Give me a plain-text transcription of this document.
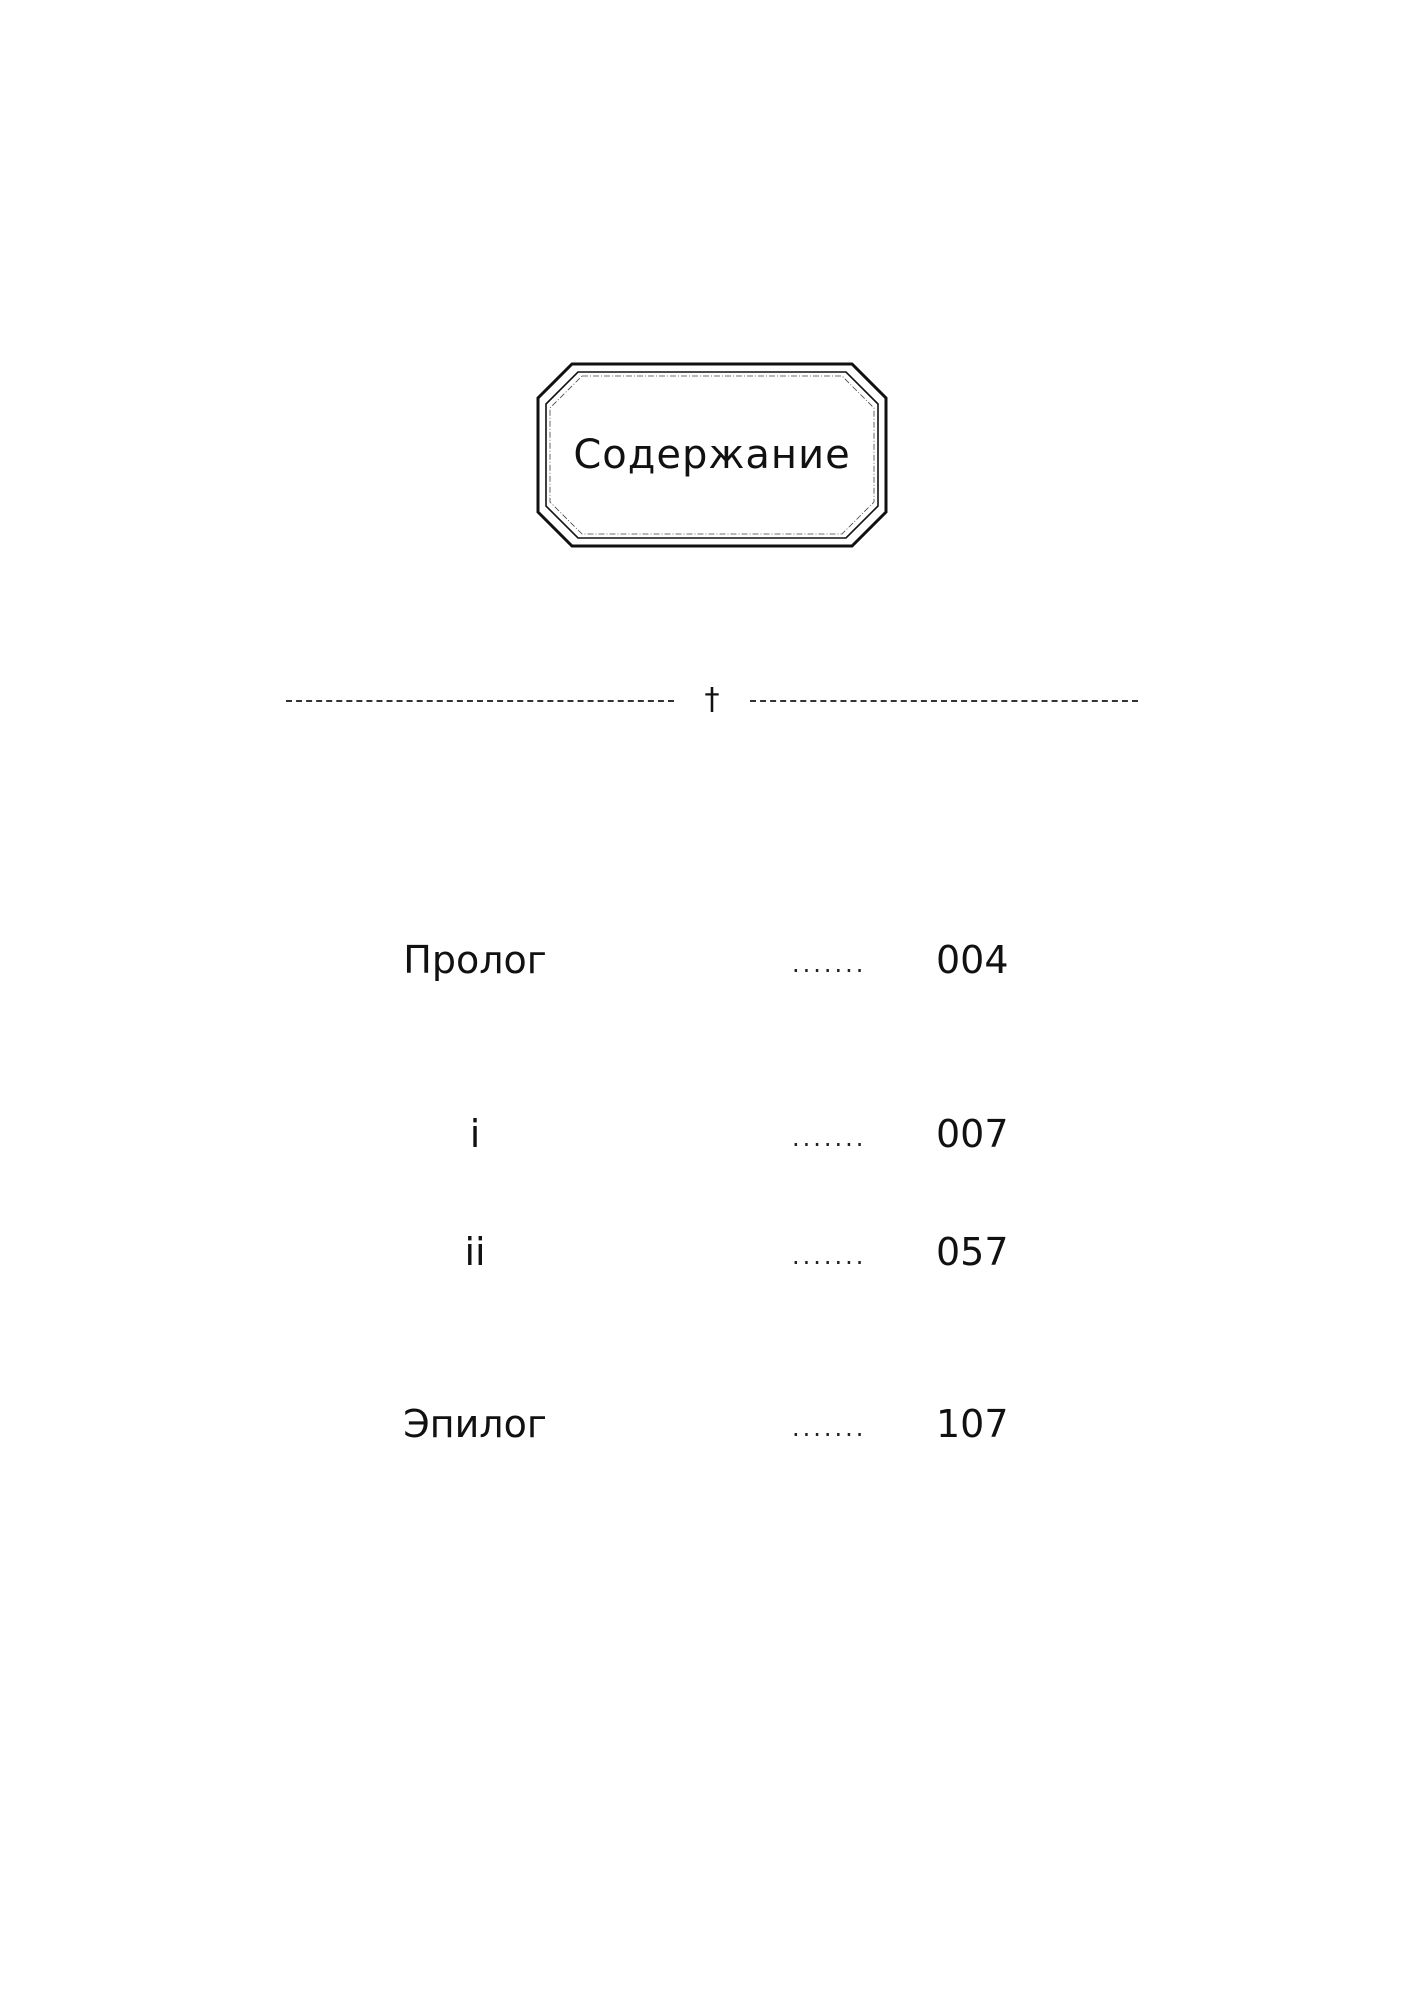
Содержание
†
Пролог	.......	004
i	.......	007
ii	.......	057
Эпилог	.......	107
